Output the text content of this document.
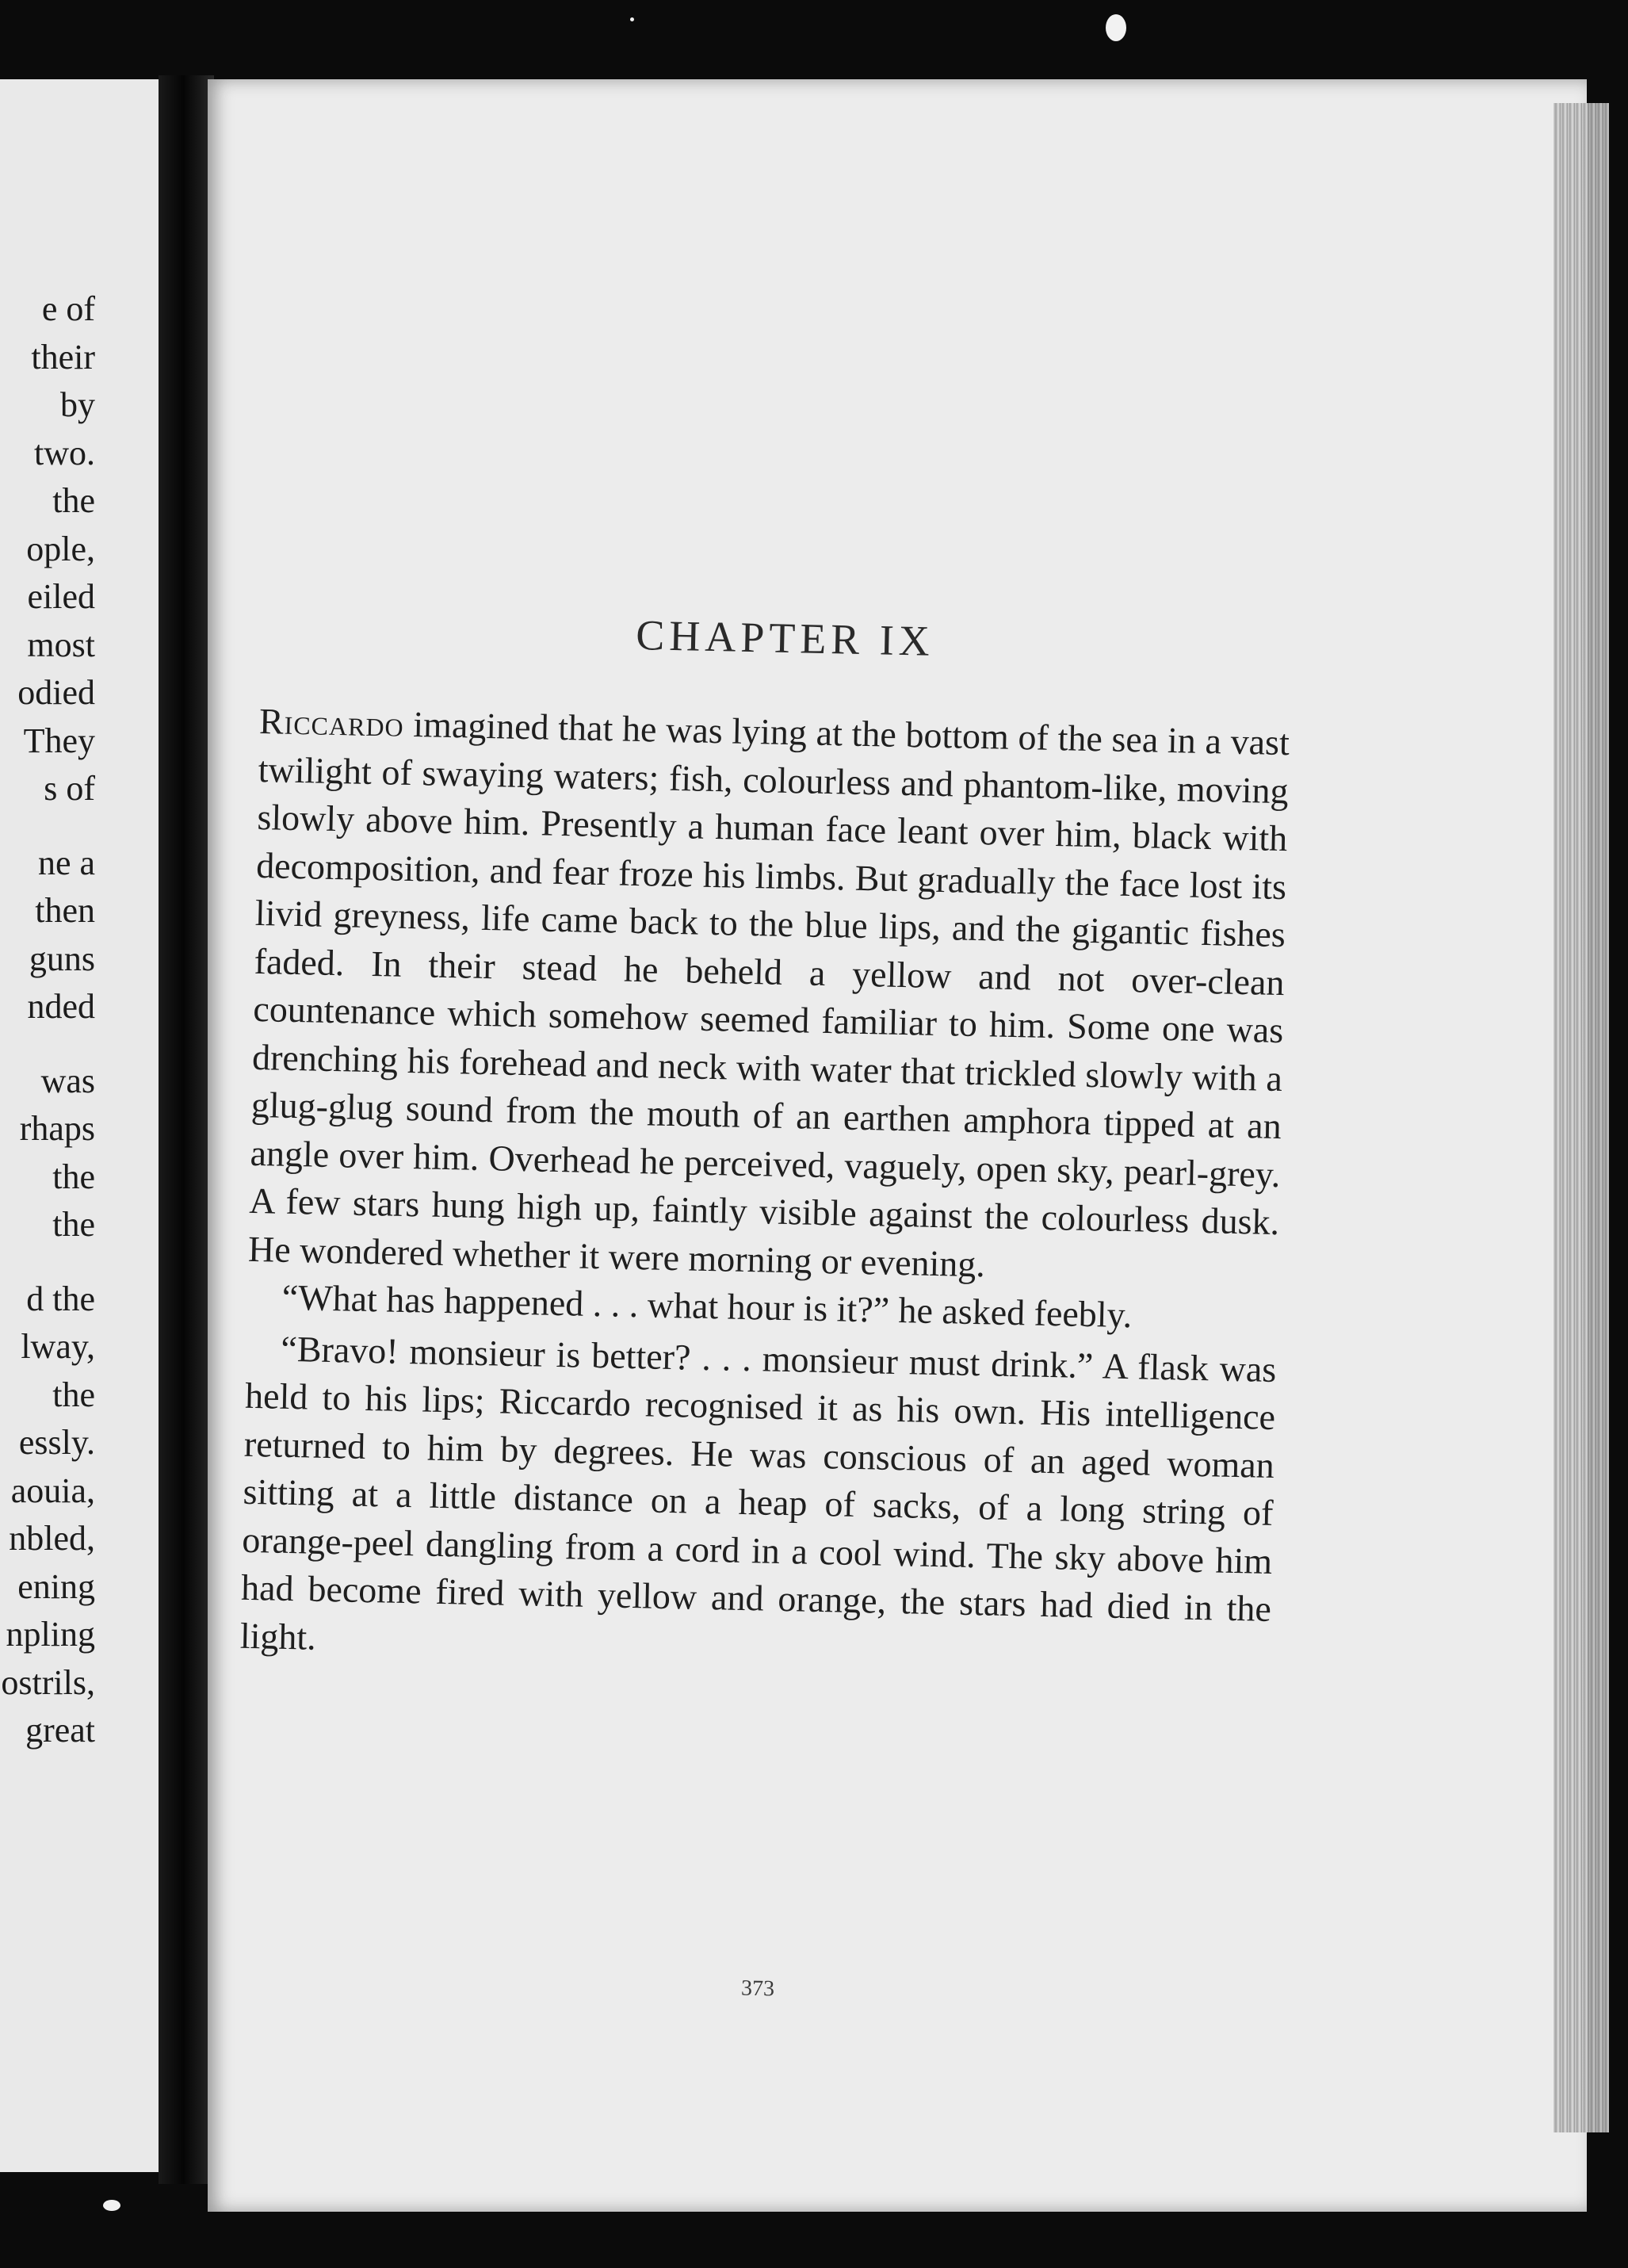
e of
their
by
two.
the
ople,
eiled
most
odied
They
s of
ne a
then
guns
nded
was
rhaps
the
the
d the
lway,
the
essly.
aouia,
nbled,
ening
npling
ostrils,
great
CHAPTER IX

Riccardo imagined that he was lying at the bottom of the sea in a vast twilight of swaying waters; fish, colourless and phantom-like, moving slowly above him. Presently a human face leant over him, black with decomposition, and fear froze his limbs. But gradually the face lost its livid greyness, life came back to the blue lips, and the gigantic fishes faded. In their stead he beheld a yellow and not over-clean countenance which somehow seemed familiar to him. Some one was drenching his forehead and neck with water that trickled slowly with a glug-glug sound from the mouth of an earthen amphora tipped at an angle over him. Overhead he perceived, vaguely, open sky, pearl-grey. A few stars hung high up, faintly visible against the colourless dusk. He wondered whether it were morning or evening.

“What has happened . . . what hour is it?” he asked feebly.

“Bravo! monsieur is better? . . . monsieur must drink.” A flask was held to his lips; Riccardo recognised it as his own. His intelligence returned to him by degrees. He was conscious of an aged woman sitting at a little distance on a heap of sacks, of a long string of orange-peel dangling from a cord in a cool wind. The sky above him had become fired with yellow and orange, the stars had died in the light.

373
